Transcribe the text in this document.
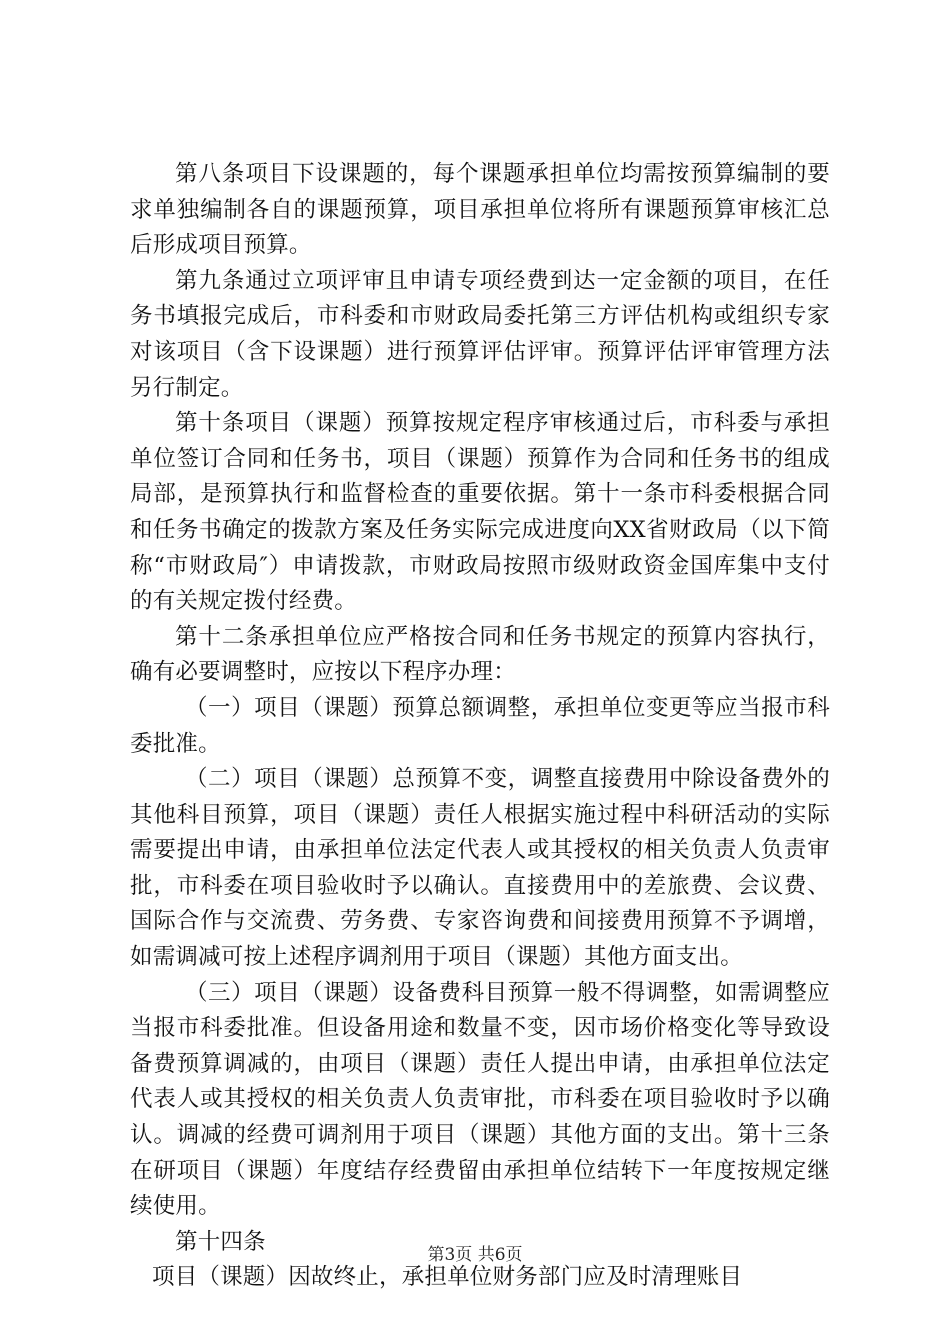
第八条项目下设课题的，每个课题承担单位均需按预算编制的要求单独编制各自的课题预算，项目承担单位将所有课题预算审核汇总后形成项目预算。

第九条通过立项评审且申请专项经费到达一定金额的项目，在任务书填报完成后，市科委和市财政局委托第三方评估机构或组织专家对该项目（含下设课题）进行预算评估评审。预算评估评审管理方法另行制定。

第十条项目（课题）预算按规定程序审核通过后，市科委与承担单位签订合同和任务书，项目（课题）预算作为合同和任务书的组成局部，是预算执行和监督检查的重要依据。第十一条市科委根据合同和任务书确定的拨款方案及任务实际完成进度向XX省财政局（以下简称“市财政局″）申请拨款，市财政局按照市级财政资金国库集中支付的有关规定拨付经费。

第十二条承担单位应严格按合同和任务书规定的预算内容执行，确有必要调整时，应按以下程序办理：

（一）项目（课题）预算总额调整，承担单位变更等应当报市科委批准。

（二）项目（课题）总预算不变，调整直接费用中除设备费外的其他科目预算，项目（课题）责任人根据实施过程中科研活动的实际需要提出申请，由承担单位法定代表人或其授权的相关负责人负责审批，市科委在项目验收时予以确认。直接费用中的差旅费、会议费、国际合作与交流费、劳务费、专家咨询费和间接费用预算不予调增，如需调减可按上述程序调剂用于项目（课题）其他方面支出。

（三）项目（课题）设备费科目预算一般不得调整，如需调整应当报市科委批准。但设备用途和数量不变，因市场价格变化等导致设备费预算调减的，由项目（课题）责任人提出申请，由承担单位法定代表人或其授权的相关负责人负责审批，市科委在项目验收时予以确认。调减的经费可调剂用于项目（课题）其他方面的支出。第十三条在研项目（课题）年度结存经费留由承担单位结转下一年度按规定继续使用。

第十四条

项目（课题）因故终止，承担单位财务部门应及时清理账目

第3页 共6页
